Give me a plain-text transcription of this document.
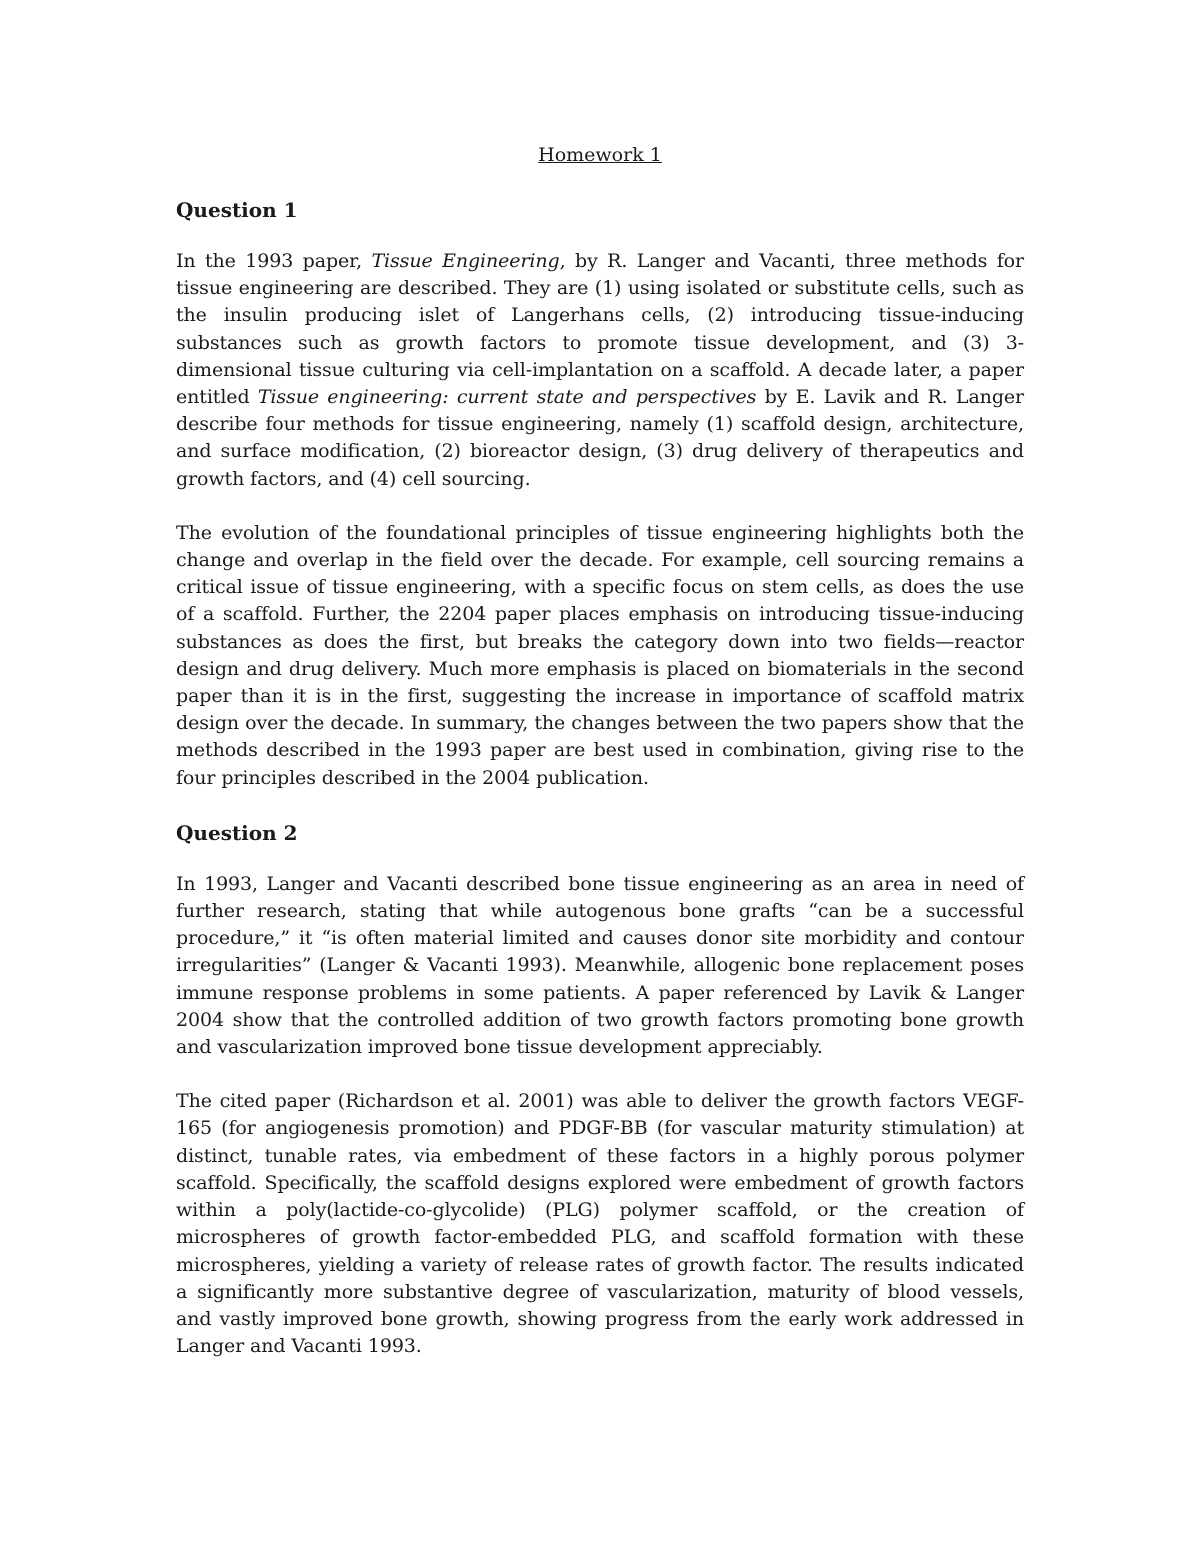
Homework 1

Question 1

In the 1993 paper, Tissue Engineering, by R. Langer and Vacanti, three methods for tissue engineering are described. They are (1) using isolated or substitute cells, such as the insulin producing islet of Langerhans cells, (2) introducing tissue-inducing substances such as growth factors to promote tissue development, and (3) 3-dimensional tissue culturing via cell-implantation on a scaffold. A decade later, a paper entitled Tissue engineering: current state and perspectives by E. Lavik and R. Langer describe four methods for tissue engineering, namely (1) scaffold design, architecture, and surface modification, (2) bioreactor design, (3) drug delivery of therapeutics and growth factors, and (4) cell sourcing.

The evolution of the foundational principles of tissue engineering highlights both the change and overlap in the field over the decade. For example, cell sourcing remains a critical issue of tissue engineering, with a specific focus on stem cells, as does the use of a scaffold. Further, the 2204 paper places emphasis on introducing tissue-inducing substances as does the first, but breaks the category down into two fields—reactor design and drug delivery. Much more emphasis is placed on biomaterials in the second paper than it is in the first, suggesting the increase in importance of scaffold matrix design over the decade. In summary, the changes between the two papers show that the methods described in the 1993 paper are best used in combination, giving rise to the four principles described in the 2004 publication.

Question 2

In 1993, Langer and Vacanti described bone tissue engineering as an area in need of further research, stating that while autogenous bone grafts “can be a successful procedure,” it “is often material limited and causes donor site morbidity and contour irregularities” (Langer & Vacanti 1993). Meanwhile, allogenic bone replacement poses immune response problems in some patients. A paper referenced by Lavik & Langer 2004 show that the controlled addition of two growth factors promoting bone growth and vascularization improved bone tissue development appreciably.

The cited paper (Richardson et al. 2001) was able to deliver the growth factors VEGF-165 (for angiogenesis promotion) and PDGF-BB (for vascular maturity stimulation) at distinct, tunable rates, via embedment of these factors in a highly porous polymer scaffold. Specifically, the scaffold designs explored were embedment of growth factors within a poly(lactide-co-glycolide) (PLG) polymer scaffold, or the creation of microspheres of growth factor-embedded PLG, and scaffold formation with these microspheres, yielding a variety of release rates of growth factor. The results indicated a significantly more substantive degree of vascularization, maturity of blood vessels, and vastly improved bone growth, showing progress from the early work addressed in Langer and Vacanti 1993.
